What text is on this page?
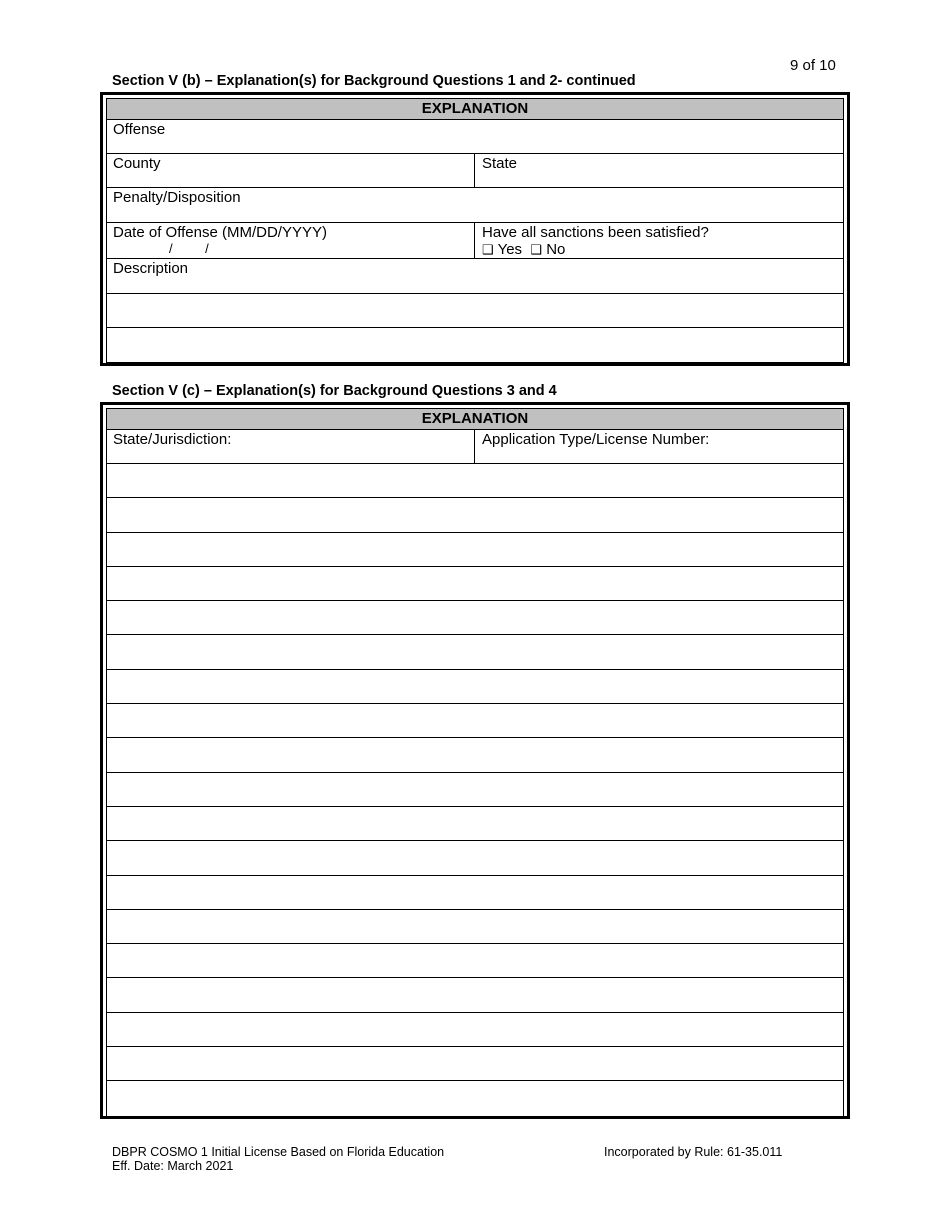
9 of 10
Section V (b) – Explanation(s) for Background Questions 1 and 2- continued
EXPLANATION
Offense
County	State
Penalty/Disposition
Date of Offense (MM/DD/YYYY)
/         /
Have all sanctions been satisfied?
❑ Yes ❑ No
Description
Section V (c) – Explanation(s) for Background Questions 3 and 4
EXPLANATION
State/Jurisdiction:	Application Type/License Number:
DBPR COSMO 1 Initial License Based on Florida Education
Eff. Date: March 2021
Incorporated by Rule: 61-35.011
